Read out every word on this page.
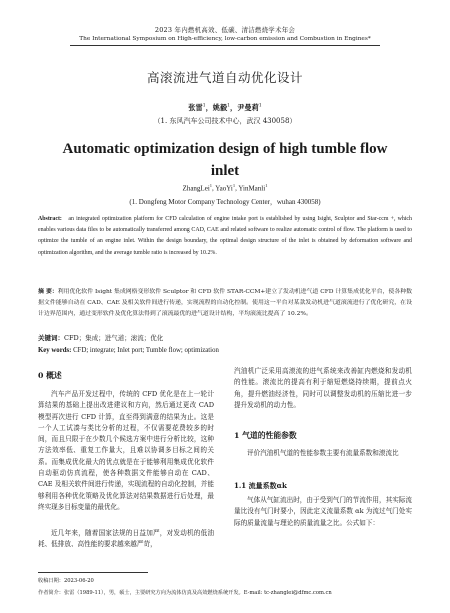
2023 年内燃机高效、低碳、清洁燃烧学术年会
The International Symposium on High-efficiency, low-carbon emission and Combustion in Engines*
高滚流进气道自动优化设计
张雷$^1$，姚毅$^1$，尹曼莉$^1$
（1. 东风汽车公司技术中心，武汉 430058）
Automatic optimization design of high tumble flow
inlet
ZhangLei$^1$, YaoYi$^1$, YinManli$^1$
(1. Dongfeng Motor Company Technology Center，wuhan 430058)
Abstract: an integrated optimization platform for CFD calculation of engine intake port is established by using Isight, Sculptor and Star-ccm +, which enables various data files to be automatically transferred among CAD, CAE and related software to realize automatic control of flow. The platform is used to optimize the tumble of an engine inlet. Within the design boundary, the optimal design structure of the inlet is obtained by deformation software and optimization algorithm, and the average tumble ratio is increased by 10.2%.
摘 要：利用优化软件 Isight 集成网格变形软件 Sculptor 和 CFD 软件 STAR-CCM+建立了发动机进气道 CFD 计算集成优化平台，使各种数据文件能够自动在 CAD、CAE 及相关软件间进行传递，实现流程的自动化控制。使用这一平台对某款发动机进气道滚流进行了优化研究，在设计边界范围内，通过变形软件及优化算法得到了滚流最优的进气道设计结构，平均滚流比提高了 10.2%。
关键词：CFD；集成；进气道；滚流；优化
Key words: CFD; integrate; Inlet port; Tumble flow; optimization
0 概述
汽车产品开发过程中，传统的 CFD 优化是在上一轮计算结果的基础上提出改进建议和方向，然后通过更改 CAD 模型再次进行 CFD 计算，直至得到满意的结果为止。这是一个人工试凑与类比分析的过程，不仅需要花费较多的时间，而且只限于在少数几个候选方案中进行分析比较，这种方法效率低、重复工作量大，且难以协调多目标之间的关系。而集成优化最大的优点就是在于能够利用集成优化软件自动驱动仿真流程，使各种数据文件能够自动在 CAD、CAE 及相关软件间进行传递，实现流程的自动化控制，并能够利用各种优化策略及优化算法对结果数据进行后处理，最终实现多目标变量的最优化。
近几年来，随着国家法规的日益加严，对发动机的低油耗、低排放、高性能的要求越来越严苛，
汽油机广泛采用高滚流的进气系统来改善缸内燃烧和发动机的性能。滚流比的提高有利于缩短燃烧持续期，提前点火角，提升燃油经济性，同时可以调整发动机的压缩比进一步提升发动机的动力性。
1 气道的性能参数
评价汽油机气道的性能参数主要有流量系数和滚流比
1.1 流量系数αk
气体从气缸流出时，由于受到气门的节流作用，其实际流量比没有气门时要小，因此定义流量系数 αk 为流过气门处实际的质量流量与理论的质量流量之比。公式如下：
收稿日期：2023-06-20
作者简介：张雷（1989-11），男，硕士，主要研究方向为流体仿真及高效燃烧系统开发。E-mail: tc-zhanglei@dfmc.com.cn
